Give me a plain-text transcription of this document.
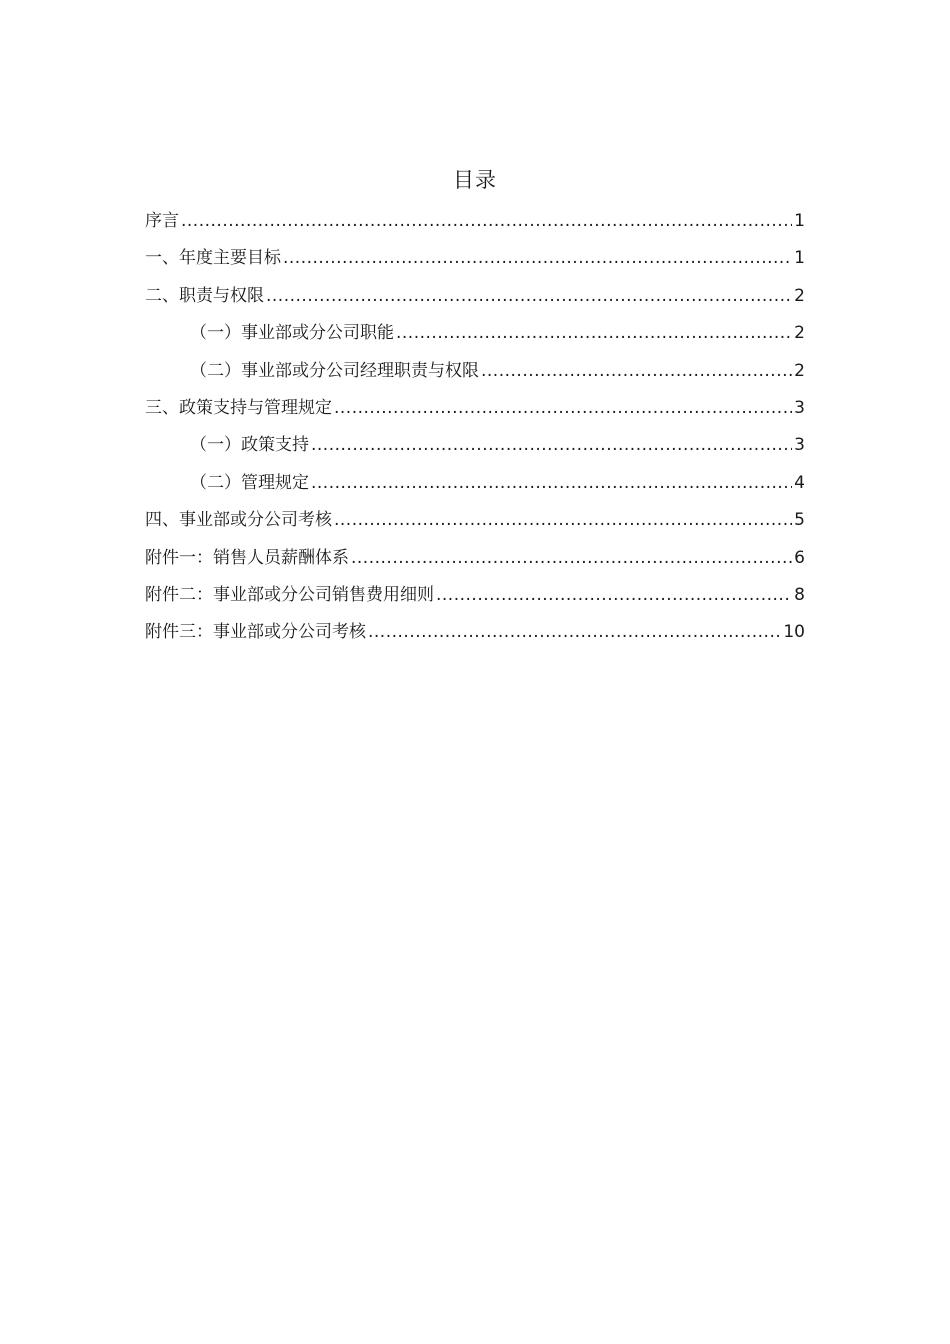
目录
序言 .....	1
一、年度主要目标 .....	1
二、职责与权限 .....	2
（一）事业部或分公司职能 .....	2
（二）事业部或分公司经理职责与权限 .....	2
三、政策支持与管理规定 .....	3
（一）政策支持 .....	3
（二）管理规定 .....	4
四、事业部或分公司考核 .....	5
附件一：销售人员薪酬体系 .....	6
附件二：事业部或分公司销售费用细则 .....	8
附件三：事业部或分公司考核 .....	10
